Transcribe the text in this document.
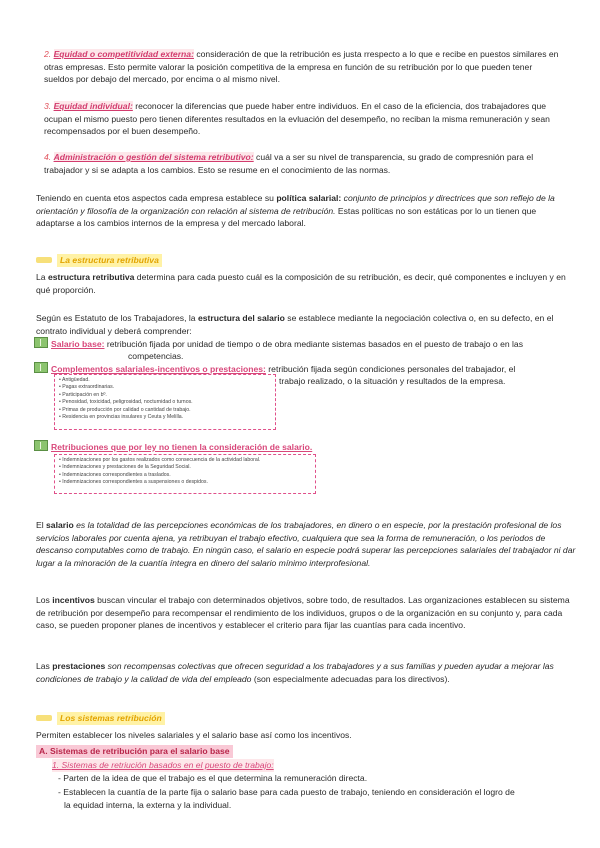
2. Equidad o competitividad externa: consideración de que la retribución es justa rrespecto a lo que e recibe en puestos similares en otras empresas. Esto permite valorar la posición competitiva de la empresa en función de su retribución por lo que pueden tener sueldos por debajo del mercado, por encima o al mismo nivel.
3. Equidad individual: reconocer la diferencias que puede haber entre individuos. En el caso de la eficiencia, dos trabajadores que ocupan el mismo puesto pero tienen diferentes resultados en la evluación del desempeño, no reciban la misma remuneración y sean recompensados por el buen desempeño.
4. Administración o gestión del sistema retributivo: cuál va a ser su nivel de transparencia, su grado de compresnión para el trabajador y si se adapta a los cambios. Esto se resume en el conocimiento de las normas.
Teniendo en cuenta etos aspectos cada empresa establece su política salarial: conjunto de principios y directrices que son reflejo de la orientación y filosofía de la organización con relación al sistema de retribución. Estas políticas no son estáticas por lo un tienen que adaptarse a los cambios internos de la empresa y del mercado laboral.
La estructura retributiva
La estructura retributiva determina para cada puesto cuál es la composición de su retribución, es decir, qué componentes e incluyen y en qué proporción.
Según es Estatuto de los Trabajadores, la estructura del salario se establece mediante la negociación colectiva o, en su defecto, en el contrato individual y deberá comprender:
Salario base: retribución fijada por unidad de tiempo o de obra mediante sistemas basados en el puesto de trabajo o en las
competencias.
Complementos salariales-incentivos o prestaciones: retribución fijada según condiciones personales del trabajador, el
trabajo realizado, o la situación y resultados de la empresa.
• Antigüedad.
• Pagas extraordinarias.
• Participación en bº.
• Penosidad, toxicidad, peligrosidad, nocturnidad o turnos.
• Primas de producción por calidad o cantidad de trabajo.
• Residencia en provincias insulares y Ceuta y Melilla.
Retribuciones que por ley no tienen la consideración de salario.
• Indemnizaciones por los gastos realizados como consecuencia de la actividad laboral.
• Indemnizaciones y prestaciones de la Seguridad Social.
• Indemnizaciones correspondientes a traslados.
• Indemnizaciones correspondientes a suspensiones o despidos.
El salario es la totalidad de las percepciones económicas de los trabajadores, en dinero o en especie, por la prestación profesional de los servicios laborales por cuenta ajena, ya retribuyan el trabajo efectivo, cualquiera que sea la forma de remuneración, o los periodos de descanso computables como de trabajo. En ningún caso, el salario en especie podrá superar las percepciones salariales del trabajador ni dar lugar a la minoración de la cuantía íntegra en dinero del salario mínimo interprofesional.
Los incentivos buscan vincular el trabajo con determinados objetivos, sobre todo, de resultados. Las organizaciones establecen su sistema de retribución por desempeño para recompensar el rendimiento de los individuos, grupos o de la organización en su conjunto y, para cada caso, se pueden proponer planes de incentivos y establecer el criterio para fijar las cuantías para cada incentivo.
Las prestaciones son recompensas colectivas que ofrecen seguridad a los trabajadores y a sus familias y pueden ayudar a mejorar las condiciones de trabajo y la calidad de vida del empleado (son especialmente adecuadas para los directivos).
Los sistemas retribución
Permiten establecer los niveles salariales y el salario base así como los incentivos.
A. Sistemas de retribución para el salario base
1. Sistemas de retriución basados en el puesto de trabajo:
- Parten de la idea de que el trabajo es el que determina la remuneración directa.
- Establecen la cuantía de la parte fija o salario base para cada puesto de trabajo, teniendo en consideración el logro de
la equidad interna, la externa y la individual.
